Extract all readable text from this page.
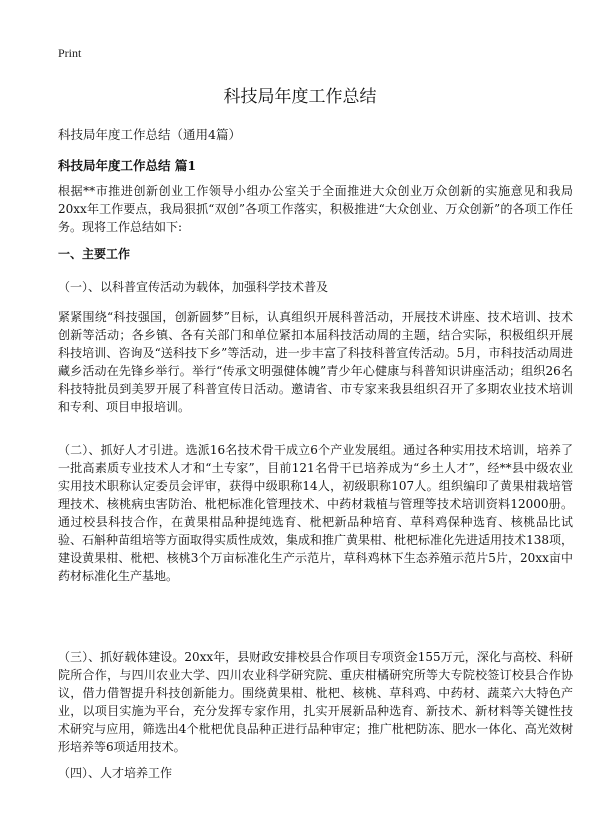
Print
科技局年度工作总结
科技局年度工作总结（通用4篇）
科技局年度工作总结 篇1
根据**市推进创新创业工作领导小组办公室关于全面推进大众创业万众创新的实施意见和我局20xx年工作要点，我局狠抓“双创”各项工作落实，积极推进“大众创业、万众创新”的各项工作任务。现将工作总结如下:
一、主要工作
（一）、以科普宣传活动为载体，加强科学技术普及
紧紧围绕“科技强国，创新圆梦”目标，认真组织开展科普活动，开展技术讲座、技术培训、技术创新等活动；各乡镇、各有关部门和单位紧扣本届科技活动周的主题，结合实际，积极组织开展科技培训、咨询及“送科技下乡”等活动，进一步丰富了科技科普宣传活动。5月，市科技活动周进藏乡活动在先锋乡举行。举行“传承文明强健体魄”青少年心健康与科普知识讲座活动；组织26名科技特批员到美罗开展了科普宣传日活动。邀请省、市专家来我县组织召开了多期农业技术培训和专利、项目申报培训。
（二）、抓好人才引进。选派16名技术骨干成立6个产业发展组。通过各种实用技术培训，培养了一批高素质专业技术人才和“土专家”，目前121名骨干已培养成为“乡土人才”，经**县中级农业实用技术职称认定委员会评审，获得中级职称14人，初级职称107人。组织编印了黄果柑栽培管理技术、核桃病虫害防治、枇杷标准化管理技术、中药材栽植与管理等技术培训资料12000册。通过校县科技合作，在黄果柑品种提纯选育、枇杷新品种培育、草科鸡保种选育、核桃品比试验、石斛种苗组培等方面取得实质性成效，集成和推广黄果柑、枇杷标准化先进适用技术138项，建设黄果柑、枇杷、核桃3个万亩标准化生产示范片，草科鸡林下生态养殖示范片5片，20xx亩中药材标准化生产基地。
（三）、抓好载体建设。20xx年，县财政安排校县合作项目专项资金155万元，深化与高校、科研院所合作，与四川农业大学、四川农业科学研究院、重庆柑橘研究所等大专院校签订校县合作协议，借力借智提升科技创新能力。围绕黄果柑、枇杷、核桃、草科鸡、中药材、蔬菜六大特色产业，以项目实施为平台，充分发挥专家作用，扎实开展新品种选育、新技术、新材料等关键性技术研究与应用，筛选出4个枇杷优良品种正进行品种审定；推广枇杷防冻、肥水一体化、高光效树形培养等6项适用技术。
（四）、人才培养工作
